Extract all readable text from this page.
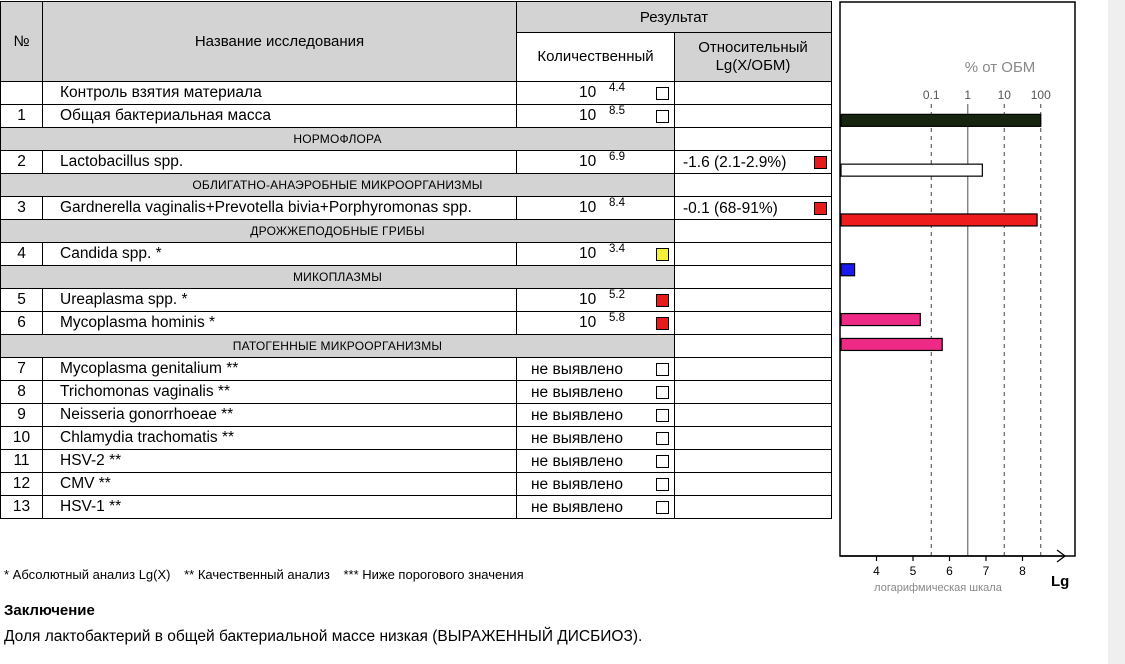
№	Название исследования	Результат	
		Количественный	Относительный
Lg(X/ОБМ)

	Контроль взятия материала	10 4.4	

1	Общая бактериальная масса	10 8.5	

НОРМОФЛОРА			
2	Lactobacillus spp.	10 6.9	-1.6 (2.1-2.9%)

ОБЛИГАТНО-АНАЭРОБНЫЕ МИКРООРГАНИЗМЫ			
3	Gardnerella vaginalis+Prevotella bivia+Porphyromonas spp.	10 8.4	-0.1 (68-91%)

ДРОЖЖЕПОДОБНЫЕ ГРИБЫ			
4	Candida spp. *	10 3.4	

МИКОПЛАЗМЫ			
5	Ureaplasma spp. *	10 5.2	

6	Mycoplasma hominis *	10 5.8	

ПАТОГЕННЫЕ МИКРООРГАНИЗМЫ			
7	Mycoplasma genitalium **	не выявлено	

8	Trichomonas vaginalis **	не выявлено	

9	Neisseria gonorrhoeae **	не выявлено	

10	Chlamydia trachomatis **	не выявлено	

11	HSV-2 **	не выявлено	

12	CMV **	не выявлено	

13	HSV-1 **	не выявлено	

% от ОБМ
0.1 1 10 100
4 5 6 7 8
логарифмическая шкала	Lg
* Абсолютный анализ Lg(X) ** Качественный анализ *** Ниже порогового значения
Заключение
Доля лактобактерий в общей бактериальной массе низкая (ВЫРАЖЕННЫЙ ДИСБИОЗ).
